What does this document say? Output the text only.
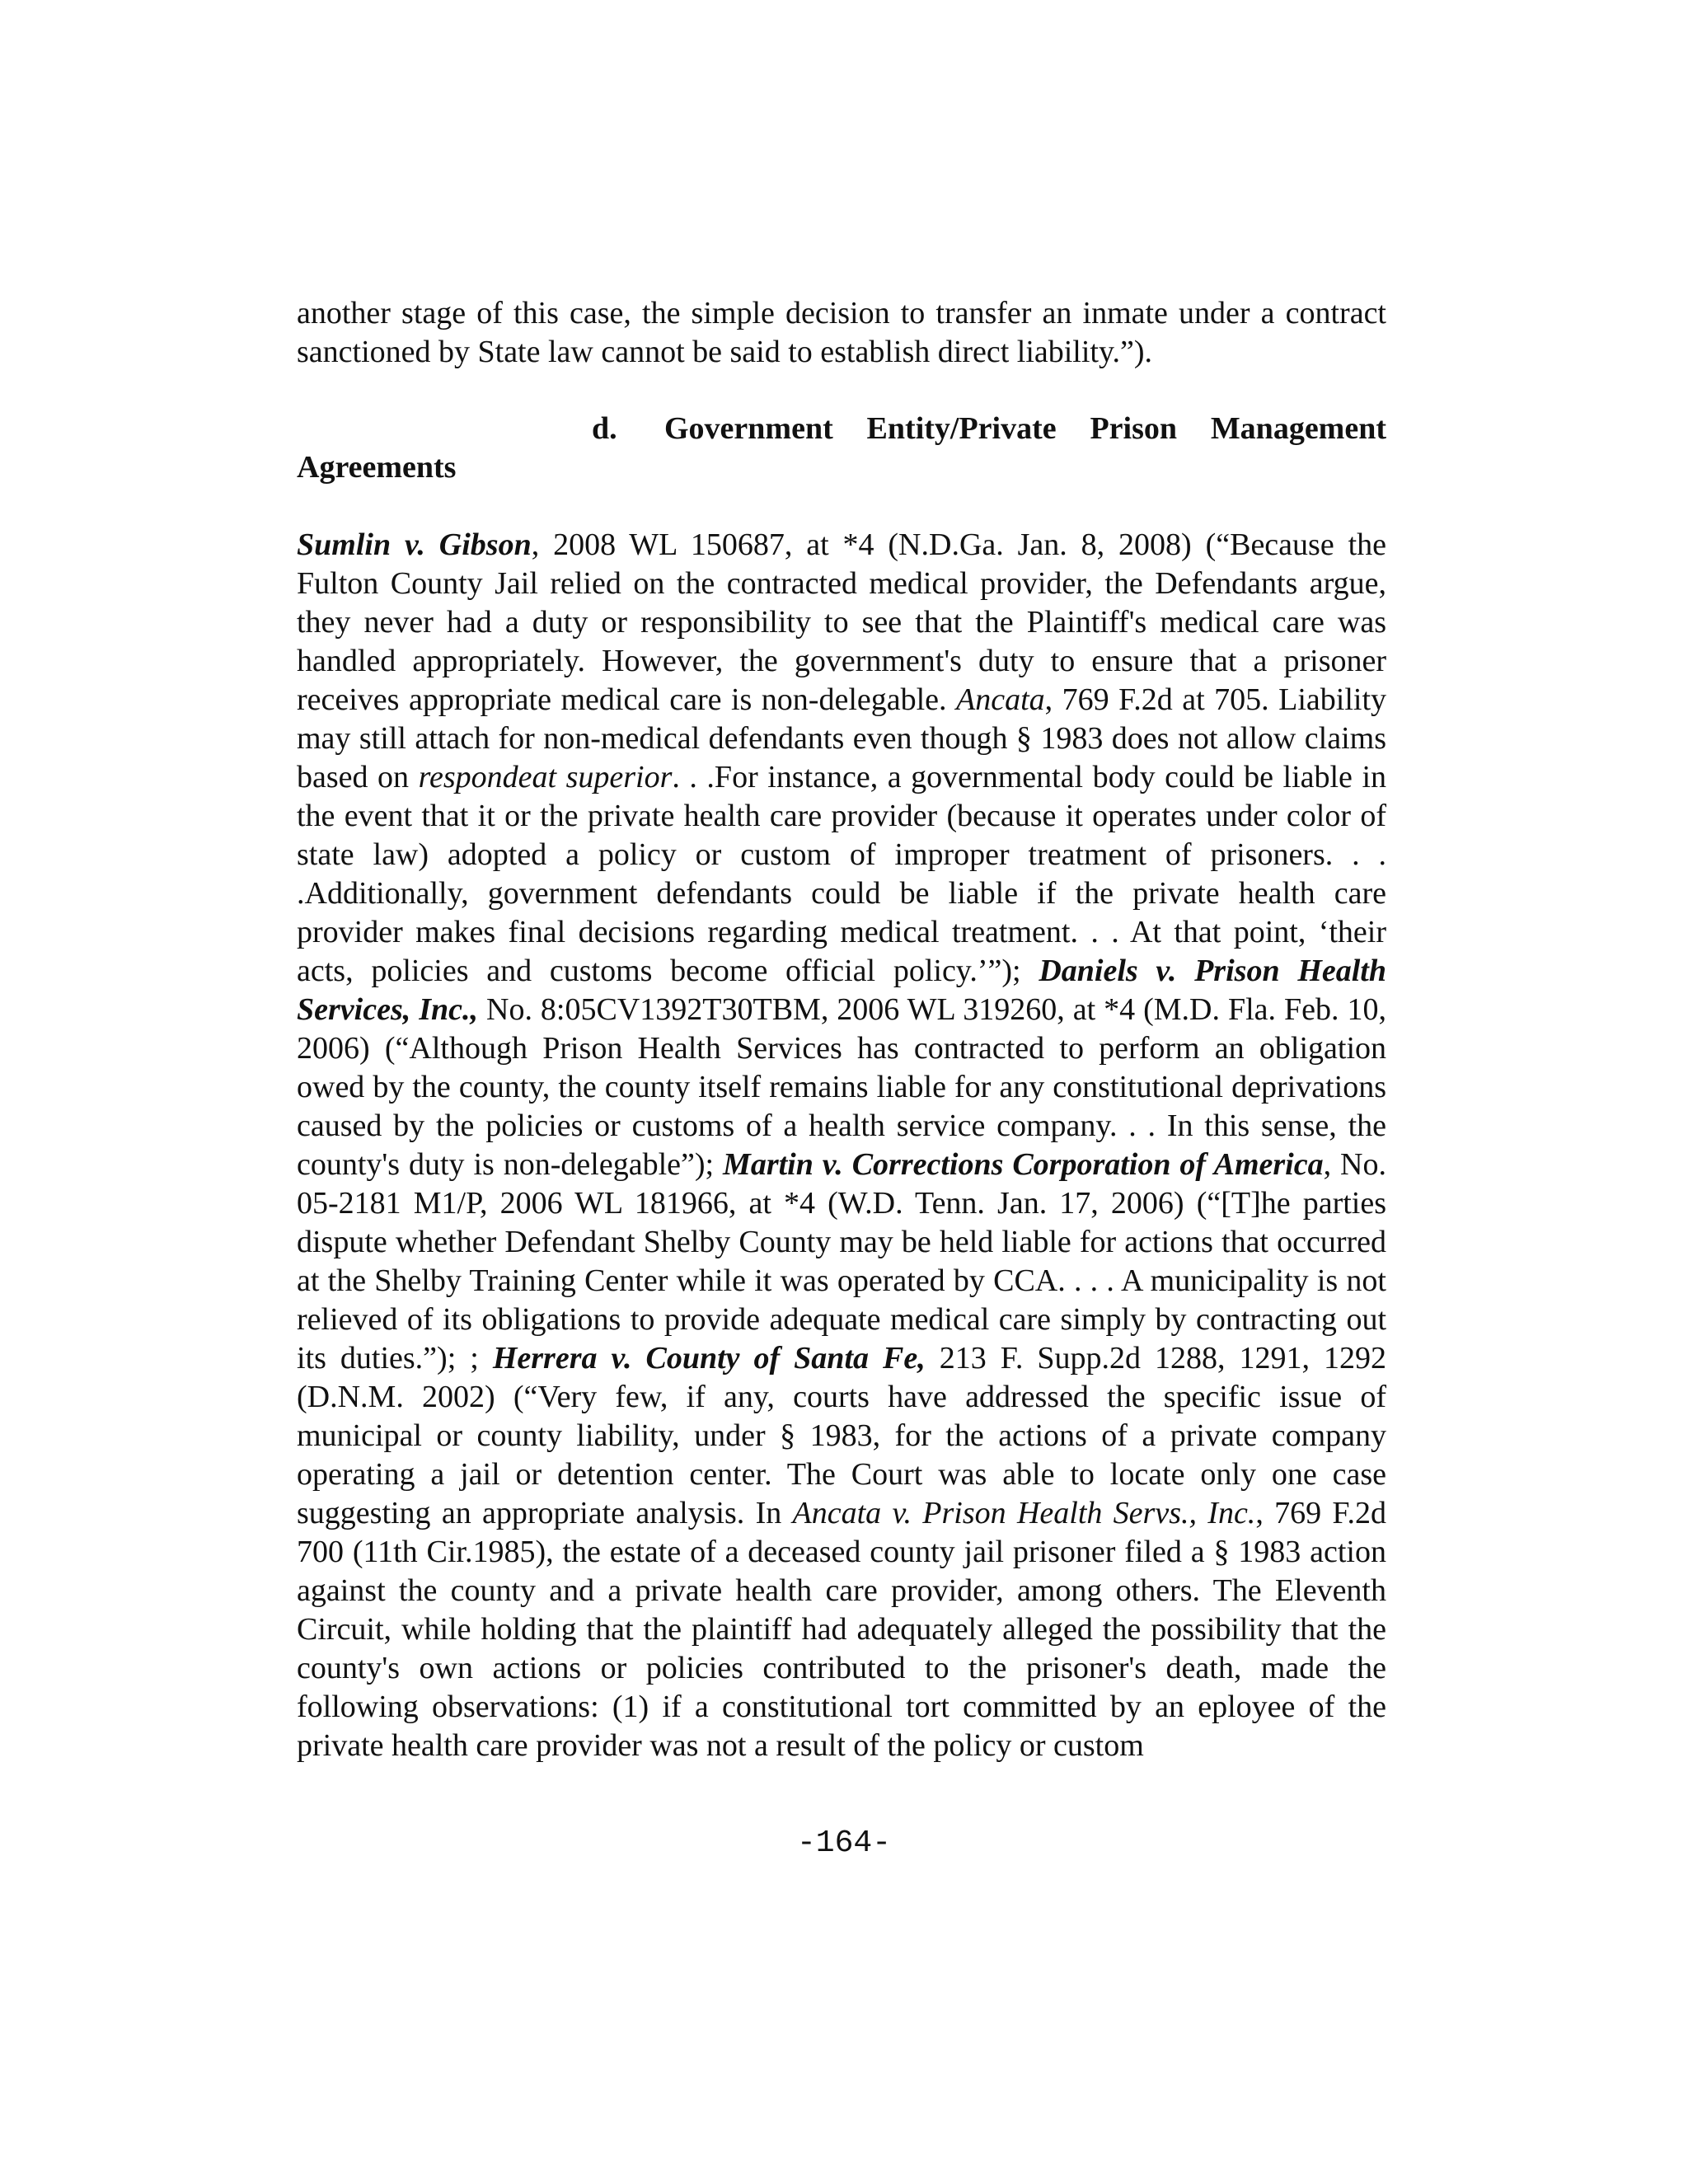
another stage of this case, the simple decision to transfer an inmate under a contract sanctioned by State law cannot be said to establish direct liability.”).
d. Government Entity/Private Prison Management
Agreements
Sumlin v. Gibson, 2008 WL 150687, at *4 (N.D.Ga. Jan. 8, 2008) (“Because the Fulton County Jail relied on the contracted medical provider, the Defendants argue, they never had a duty or responsibility to see that the Plaintiff's medical care was handled appropriately. However, the government's duty to ensure that a prisoner receives appropriate medical care is non-delegable. Ancata, 769 F.2d at 705. Liability may still attach for non-medical defendants even though § 1983 does not allow claims based on respondeat superior. . .For instance, a governmental body could be liable in the event that it or the private health care provider (because it operates under color of state law) adopted a policy or custom of improper treatment of prisoners. . . .Additionally, government defendants could be liable if the private health care provider makes final decisions regarding medical treatment. . . At that point, ‘their acts, policies and customs become official policy.’”); Daniels v. Prison Health Services, Inc., No. 8:05CV1392T30TBM, 2006 WL 319260, at *4 (M.D. Fla. Feb. 10, 2006) (“Although Prison Health Services has contracted to perform an obligation owed by the county, the county itself remains liable for any constitutional deprivations caused by the policies or customs of a health service company. . . In this sense, the county's duty is non-delegable”); Martin v. Corrections Corporation of America, No. 05-2181 M1/P, 2006 WL 181966, at *4 (W.D. Tenn. Jan. 17, 2006) (“[T]he parties dispute whether Defendant Shelby County may be held liable for actions that occurred at the Shelby Training Center while it was operated by CCA. . . . A municipality is not relieved of its obligations to provide adequate medical care simply by contracting out its duties.”); ; Herrera v. County of Santa Fe, 213 F. Supp.2d 1288, 1291, 1292 (D.N.M. 2002) (“Very few, if any, courts have addressed the specific issue of municipal or county liability, under § 1983, for the actions of a private company operating a jail or detention center. The Court was able to locate only one case suggesting an appropriate analysis. In Ancata v. Prison Health Servs., Inc., 769 F.2d 700 (11th Cir.1985), the estate of a deceased county jail prisoner filed a § 1983 action against the county and a private health care provider, among others. The Eleventh Circuit, while holding that the plaintiff had adequately alleged the possibility that the county's own actions or policies contributed to the prisoner's death, made the following observations: (1) if a constitutional tort committed by an eployee of the private health care provider was not a result of the policy or custom
-164-
